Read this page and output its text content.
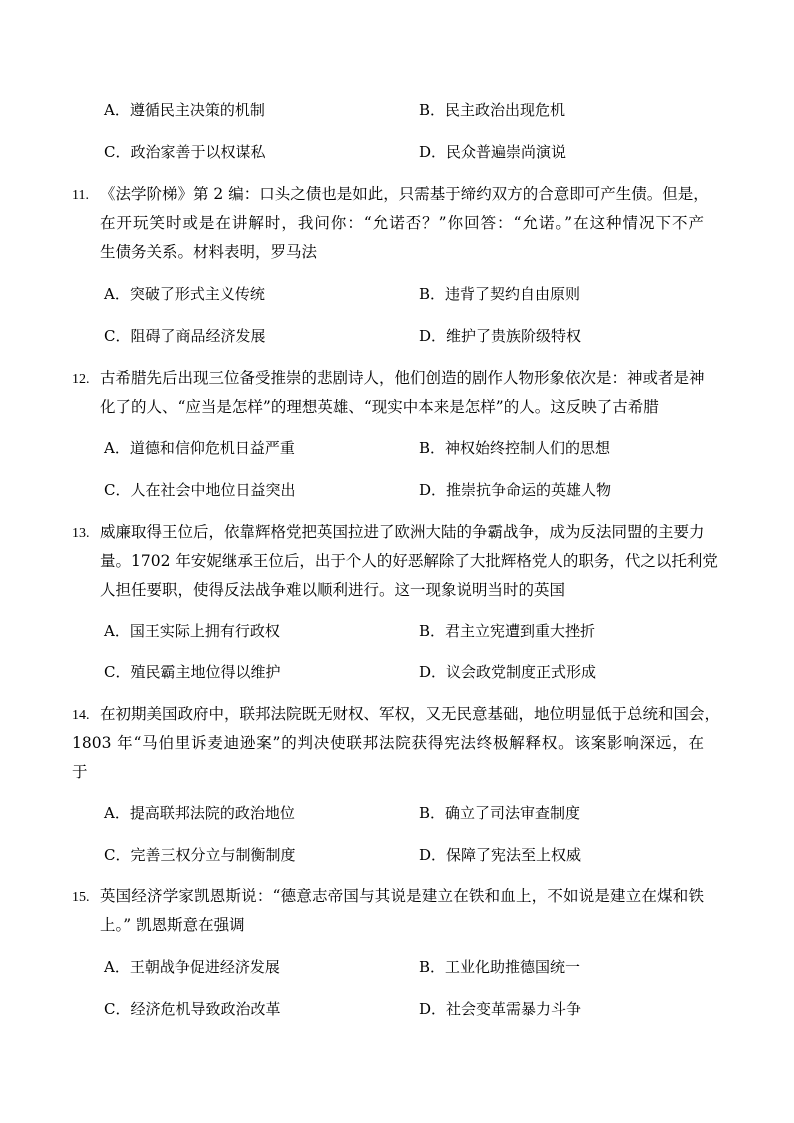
A．遵循民主决策的机制	B．民主政治出现危机
C．政治家善于以权谋私	D．民众普遍崇尚演说
11. 《法学阶梯》第 2 编：口头之债也是如此，只需基于缔约双方的合意即可产生债。但是，
在开玩笑时或是在讲解时，我问你：“允诺否？”你回答：“允诺。”在这种情况下不产
生债务关系。材料表明，罗马法
A．突破了形式主义传统	B．违背了契约自由原则
C．阻碍了商品经济发展	D．维护了贵族阶级特权
12. 古希腊先后出现三位备受推崇的悲剧诗人，他们创造的剧作人物形象依次是：神或者是神
化了的人、“应当是怎样”的理想英雄、“现实中本来是怎样”的人。这反映了古希腊
A．道德和信仰危机日益严重	B．神权始终控制人们的思想
C．人在社会中地位日益突出	D．推崇抗争命运的英雄人物
13. 威廉取得王位后，依靠辉格党把英国拉进了欧洲大陆的争霸战争，成为反法同盟的主要力
量。1702 年安妮继承王位后，出于个人的好恶解除了大批辉格党人的职务，代之以托利党
人担任要职，使得反法战争难以顺利进行。这一现象说明当时的英国
A．国王实际上拥有行政权	B．君主立宪遭到重大挫折
C．殖民霸主地位得以维护	D．议会政党制度正式形成
14. 在初期美国政府中，联邦法院既无财权、军权，又无民意基础，地位明显低于总统和国会，
1803 年“马伯里诉麦迪逊案”的判决使联邦法院获得宪法终极解释权。该案影响深远，在
于
A．提高联邦法院的政治地位	B．确立了司法审查制度
C．完善三权分立与制衡制度	D．保障了宪法至上权威
15. 英国经济学家凯恩斯说：“德意志帝国与其说是建立在铁和血上，不如说是建立在煤和铁
上。” 凯恩斯意在强调
A．王朝战争促进经济发展	B．工业化助推德国统一
C．经济危机导致政治改革	D．社会变革需暴力斗争
